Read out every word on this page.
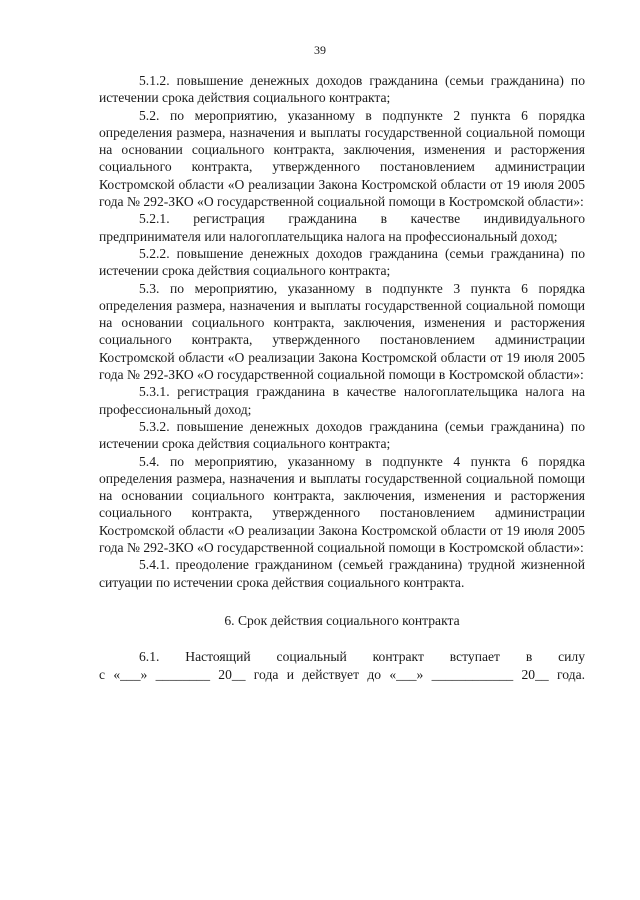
39

5.1.2. повышение денежных доходов гражданина (семьи гражданина) по истечении срока действия социального контракта;

5.2. по мероприятию, указанному в подпункте 2 пункта 6 порядка определения размера, назначения и выплаты государственной социальной помощи на основании социального контракта, заключения, изменения и расторжения социального контракта, утвержденного постановлением администрации Костромской области «О реализации Закона Костромской области от 19 июля 2005 года № 292-ЗКО «О государственной социальной помощи в Костромской области»:

5.2.1. регистрация гражданина в качестве индивидуального предпринимателя или налогоплательщика налога на профессиональный доход;

5.2.2. повышение денежных доходов гражданина (семьи гражданина) по истечении срока действия социального контракта;

5.3. по мероприятию, указанному в подпункте 3 пункта 6 порядка определения размера, назначения и выплаты государственной социальной помощи на основании социального контракта, заключения, изменения и расторжения социального контракта, утвержденного постановлением администрации Костромской области «О реализации Закона Костромской области от 19 июля 2005 года № 292-ЗКО «О государственной социальной помощи в Костромской области»:

5.3.1. регистрация гражданина в качестве налогоплательщика налога на профессиональный доход;

5.3.2. повышение денежных доходов гражданина (семьи гражданина) по истечении срока действия социального контракта;

5.4. по мероприятию, указанному в подпункте 4 пункта 6 порядка определения размера, назначения и выплаты государственной социальной помощи на основании социального контракта, заключения, изменения и расторжения социального контракта, утвержденного постановлением администрации Костромской области «О реализации Закона Костромской области от 19 июля 2005 года № 292-ЗКО «О государственной социальной помощи в Костромской области»:

5.4.1. преодоление гражданином (семьей гражданина) трудной жизненной ситуации по истечении срока действия социального контракта.

6. Срок действия социального контракта

6.1. Настоящий социальный контракт вступает в силу

с «___» ________ 20__ года и действует до «___» ____________ 20__ года.
